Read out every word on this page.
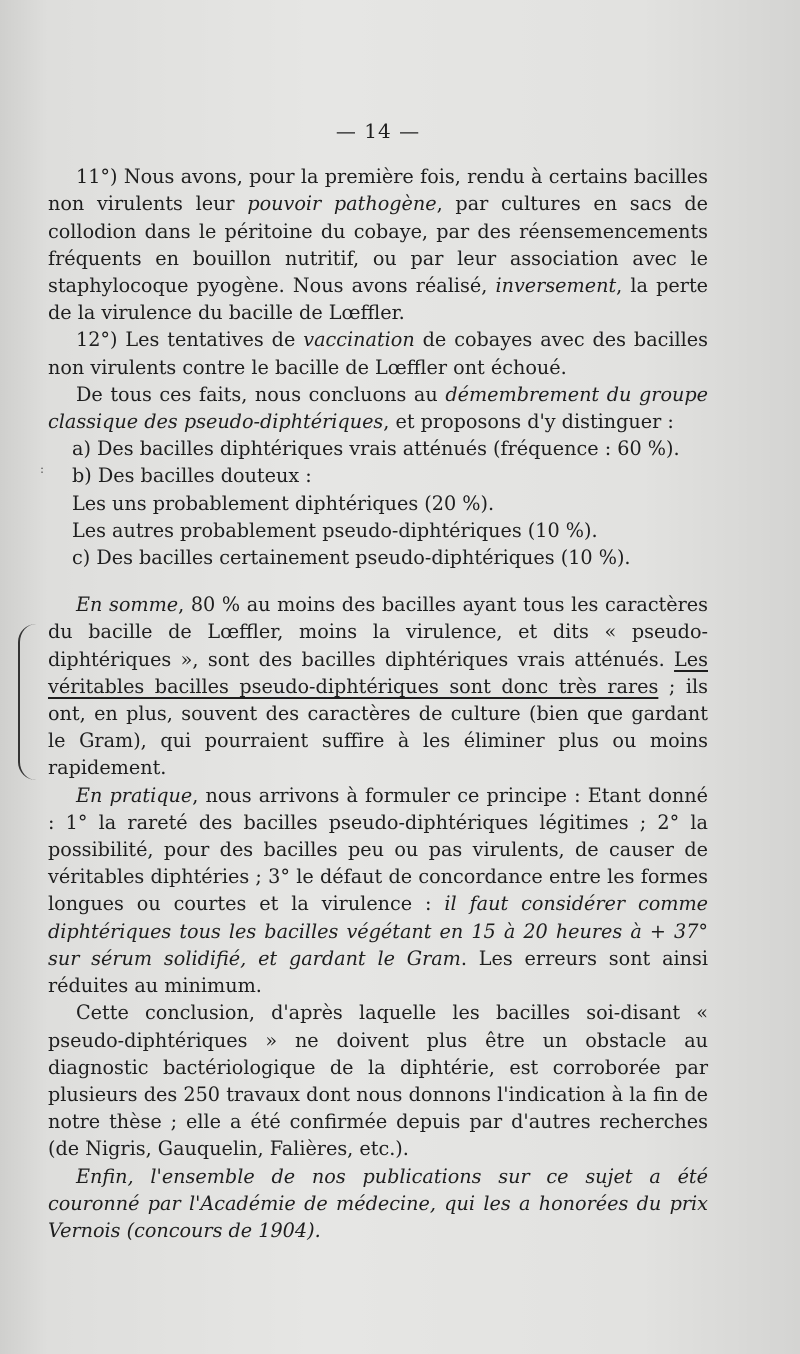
:
— 14 —

11°) Nous avons, pour la première fois, rendu à certains bacilles non virulents leur pouvoir pathogène, par cultures en sacs de collodion dans le péritoine du cobaye, par des réensemencements fréquents en bouillon nutritif, ou par leur association avec le staphylocoque pyogène. Nous avons réalisé, inversement, la perte de la virulence du bacille de Lœffler.

12°) Les tentatives de vaccination de cobayes avec des bacilles non virulents contre le bacille de Lœffler ont échoué.

De tous ces faits, nous concluons au démembrement du groupe classique des pseudo-diphtériques, et proposons d'y distinguer :

a) Des bacilles diphtériques vrais atténués (fréquence : 60 %).

b) Des bacilles douteux :

Les uns probablement diphtériques (20 %).

Les autres probablement pseudo-diphtériques (10 %).

c) Des bacilles certainement pseudo-diphtériques (10 %).

En somme, 80 % au moins des bacilles ayant tous les caractères du bacille de Lœffler, moins la virulence, et dits « pseudo-diphtériques », sont des bacilles diphtériques vrais atténués. Les véritables bacilles pseudo-diphtériques sont donc très rares ; ils ont, en plus, souvent des caractères de culture (bien que gardant le Gram), qui pourraient suffire à les éliminer plus ou moins rapidement.

En pratique, nous arrivons à formuler ce principe : Etant donné : 1° la rareté des bacilles pseudo-diphtériques légitimes ; 2° la possibilité, pour des bacilles peu ou pas virulents, de causer de véritables diphtéries ; 3° le défaut de concordance entre les formes longues ou courtes et la virulence : il faut considérer comme diphtériques tous les bacilles végétant en 15 à 20 heures à + 37° sur sérum solidifié, et gardant le Gram. Les erreurs sont ainsi réduites au minimum.

Cette conclusion, d'après laquelle les bacilles soi-disant « pseudo-diphtériques » ne doivent plus être un obstacle au diagnostic bactériologique de la diphtérie, est corroborée par plusieurs des 250 travaux dont nous donnons l'indication à la fin de notre thèse ; elle a été confirmée depuis par d'autres recherches (de Nigris, Gauquelin, Falières, etc.).

Enfin, l'ensemble de nos publications sur ce sujet a été couronné par l'Académie de médecine, qui les a honorées du prix Vernois (concours de 1904).
